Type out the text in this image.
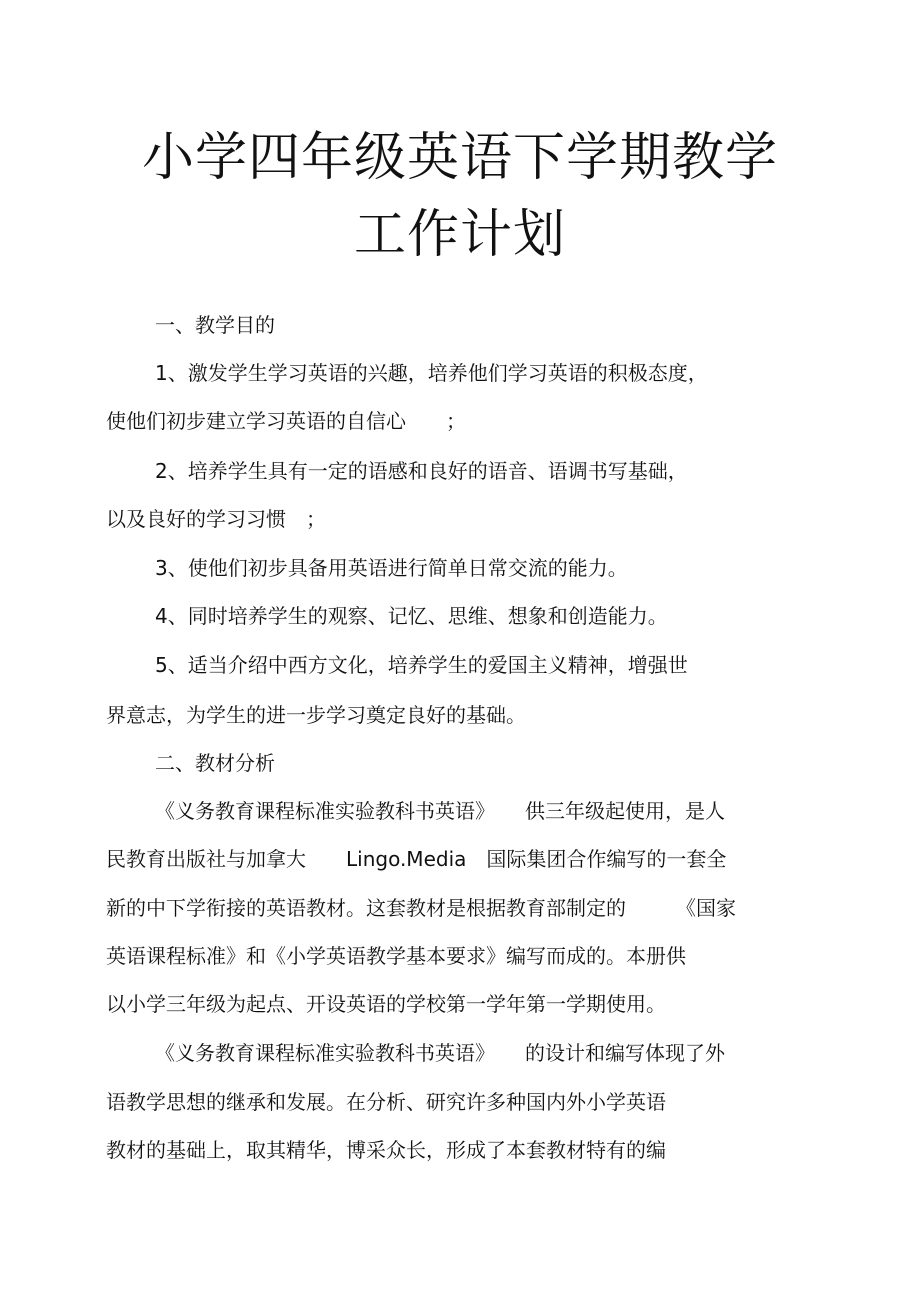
小学四年级英语下学期教学
工作计划

一、教学目的

1、激发学生学习英语的兴趣，培养他们学习英语的积极态度，

使他们初步建立学习英语的自信心　　；

2、培养学生具有一定的语感和良好的语音、语调书写基础，

以及良好的学习习惯　；

3、使他们初步具备用英语进行简单日常交流的能力。

4、同时培养学生的观察、记忆、思维、想象和创造能力。

5、适当介绍中西方文化，培养学生的爱国主义精神，增强世

界意志，为学生的进一步学习奠定良好的基础。

二、教材分析

《义务教育课程标准实验教科书英语》　　供三年级起使用，是人

民教育出版社与加拿大　　Lingo.Media　国际集团合作编写的一套全

新的中下学衔接的英语教材。这套教材是根据教育部制定的　　　《国家

英语课程标准》和《小学英语教学基本要求》编写而成的。本册供

以小学三年级为起点、开设英语的学校第一学年第一学期使用。

《义务教育课程标准实验教科书英语》　　的设计和编写体现了外

语教学思想的继承和发展。在分析、研究许多种国内外小学英语

教材的基础上，取其精华，博采众长，形成了本套教材特有的编
